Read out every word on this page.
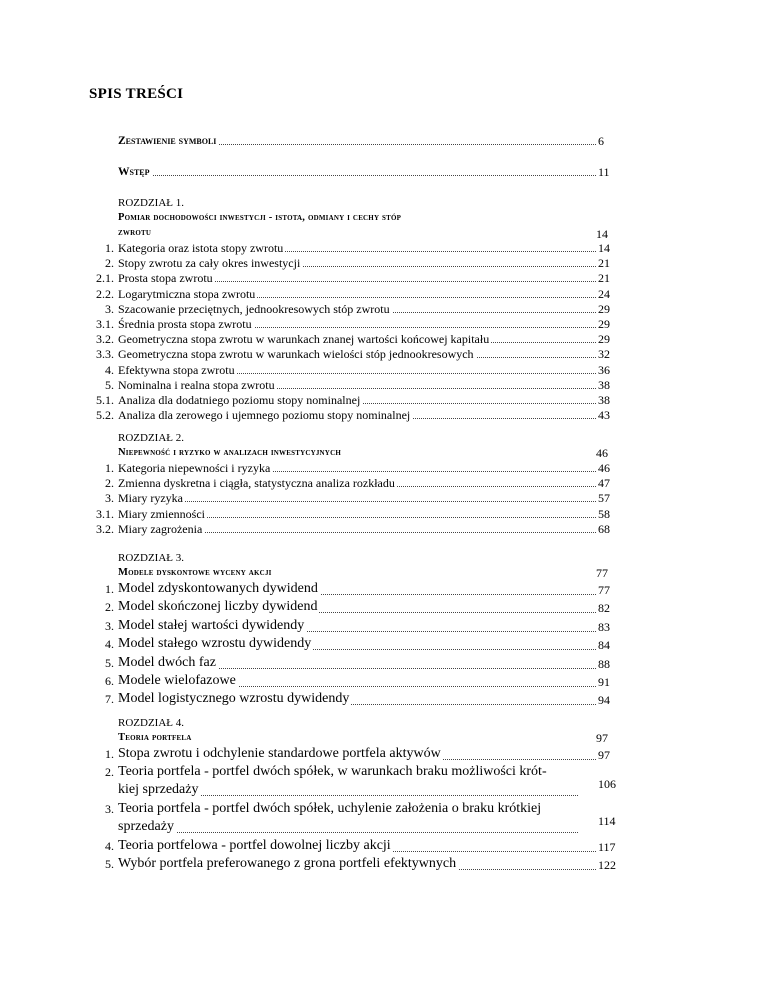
SPIS TREŚCI
Zestawienie symboli	6
Wstęp	11
ROZDZIAŁ 1.
Pomiar dochodowości inwestycji - istota, odmiany i cechy stóp
zwrotu	14
1. Kategoria oraz istota stopy zwrotu	14
2. Stopy zwrotu za cały okres inwestycji	21
2.1. Prosta stopa zwrotu	21
2.2. Logarytmiczna stopa zwrotu	24
3. Szacowanie przeciętnych, jednookresowych stóp zwrotu	29
3.1. Średnia prosta stopa zwrotu	29
3.2. Geometryczna stopa zwrotu w warunkach znanej wartości końcowej kapitału	29
3.3. Geometryczna stopa zwrotu w warunkach wielości stóp jednookresowych	32
4. Efektywna stopa zwrotu	36
5. Nominalna i realna stopa zwrotu	38
5.1. Analiza dla dodatniego poziomu stopy nominalnej	38
5.2. Analiza dla zerowego i ujemnego poziomu stopy nominalnej	43
ROZDZIAŁ 2.
Niepewność i ryzyko w analizach inwestycyjnych	46
1. Kategoria niepewności i ryzyka	46
2. Zmienna dyskretna i ciągła, statystyczna analiza rozkładu	47
3. Miary ryzyka	57
3.1. Miary zmienności	58
3.2. Miary zagrożenia	68
ROZDZIAŁ 3.
Modele dyskontowe wyceny akcji	77
1. Model zdyskontowanych dywidend	77
2. Model skończonej liczby dywidend	82
3. Model stałej wartości dywidendy	83
4. Model stałego wzrostu dywidendy	84
5. Model dwóch faz	88
6. Modele wielofazowe	91
7. Model logistycznego wzrostu dywidendy	94
ROZDZIAŁ 4.
Teoria portfela	97
1. Stopa zwrotu i odchylenie standardowe portfela aktywów	97
2. Teoria portfela - portfel dwóch spółek, w warunkach braku możliwości krót-
kiej sprzedaży	106
3. Teoria portfela - portfel dwóch spółek, uchylenie założenia o braku krótkiej
sprzedaży	114
4. Teoria portfelowa - portfel dowolnej liczby akcji	117
5. Wybór portfela preferowanego z grona portfeli efektywnych	122
